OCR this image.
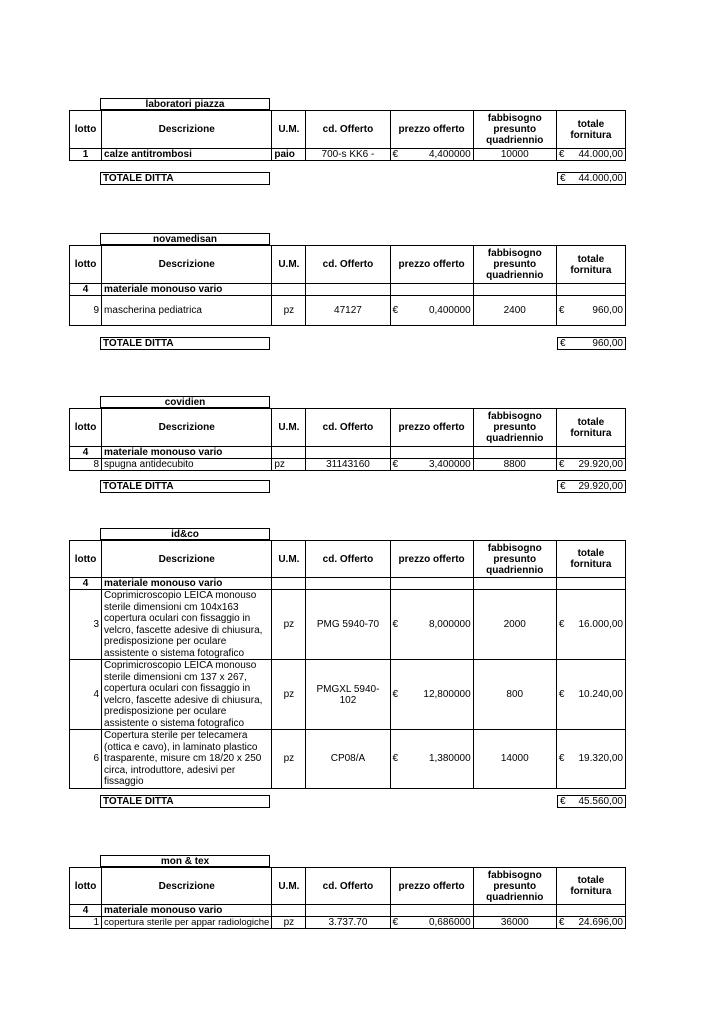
laboratori piazza
lotto	Descrizione	U.M.	cd. Offerto	prezzo offerto	fabbisogno presunto quadriennio	totale fornitura
1	calze antitrombosi	paio	700-s KK6 -	€ 4,400000	10000	€ 44.000,00
TOTALE DITTA	€ 44.000,00
novamedisan
lotto	Descrizione	U.M.	cd. Offerto	prezzo offerto	fabbisogno presunto quadriennio	totale fornitura
4	materiale monouso vario					
9	mascherina pediatrica	pz	47127	€ 0,400000	2400	€ 960,00
TOTALE DITTA	€	960,00
covidien
lotto	Descrizione	U.M.	cd. Offerto	prezzo offerto	fabbisogno presunto quadriennio	totale fornitura
4	materiale monouso vario					
8	spugna antidecubito	pz	31143160	€ 3,400000	8800	€ 29.920,00
TOTALE DITTA	€ 29.920,00
id&co
lotto	Descrizione	U.M.	cd. Offerto	prezzo offerto	fabbisogno presunto quadriennio	totale fornitura
4	materiale monouso vario					
3	Coprimicroscopio LEICA monouso sterile dimensioni cm 104x163 copertura oculari con fissaggio in velcro, fascette adesive di chiusura, predisposizione per oculare assistente o sistema fotografico	pz	PMG 5940-70	€ 8,000000	2000	€ 16.000,00

4	Coprimicroscopio LEICA monouso sterile dimensioni cm 137 x 267, copertura oculari con fissaggio in velcro, fascette adesive di chiusura, predisposizione per oculare assistente o sistema fotografico	pz	PMGXL 5940-102	€ 12,800000	800	€ 10.240,00

6	Copertura sterile per telecamera (ottica e cavo), in laminato plastico trasparente, misure cm 18/20 x 250 circa, introduttore, adesivi per fissaggio	pz	CP08/A	€ 1,380000	14000	€ 19.320,00
TOTALE DITTA	€ 45.560,00
mon & tex
lotto	Descrizione	U.M.	cd. Offerto	prezzo offerto	fabbisogno presunto quadriennio	totale fornitura
4	materiale monouso vario					
1	copertura sterile per appar radiologiche	pz	3.737.70	€ 0,686000	36000	€ 24.696,00
